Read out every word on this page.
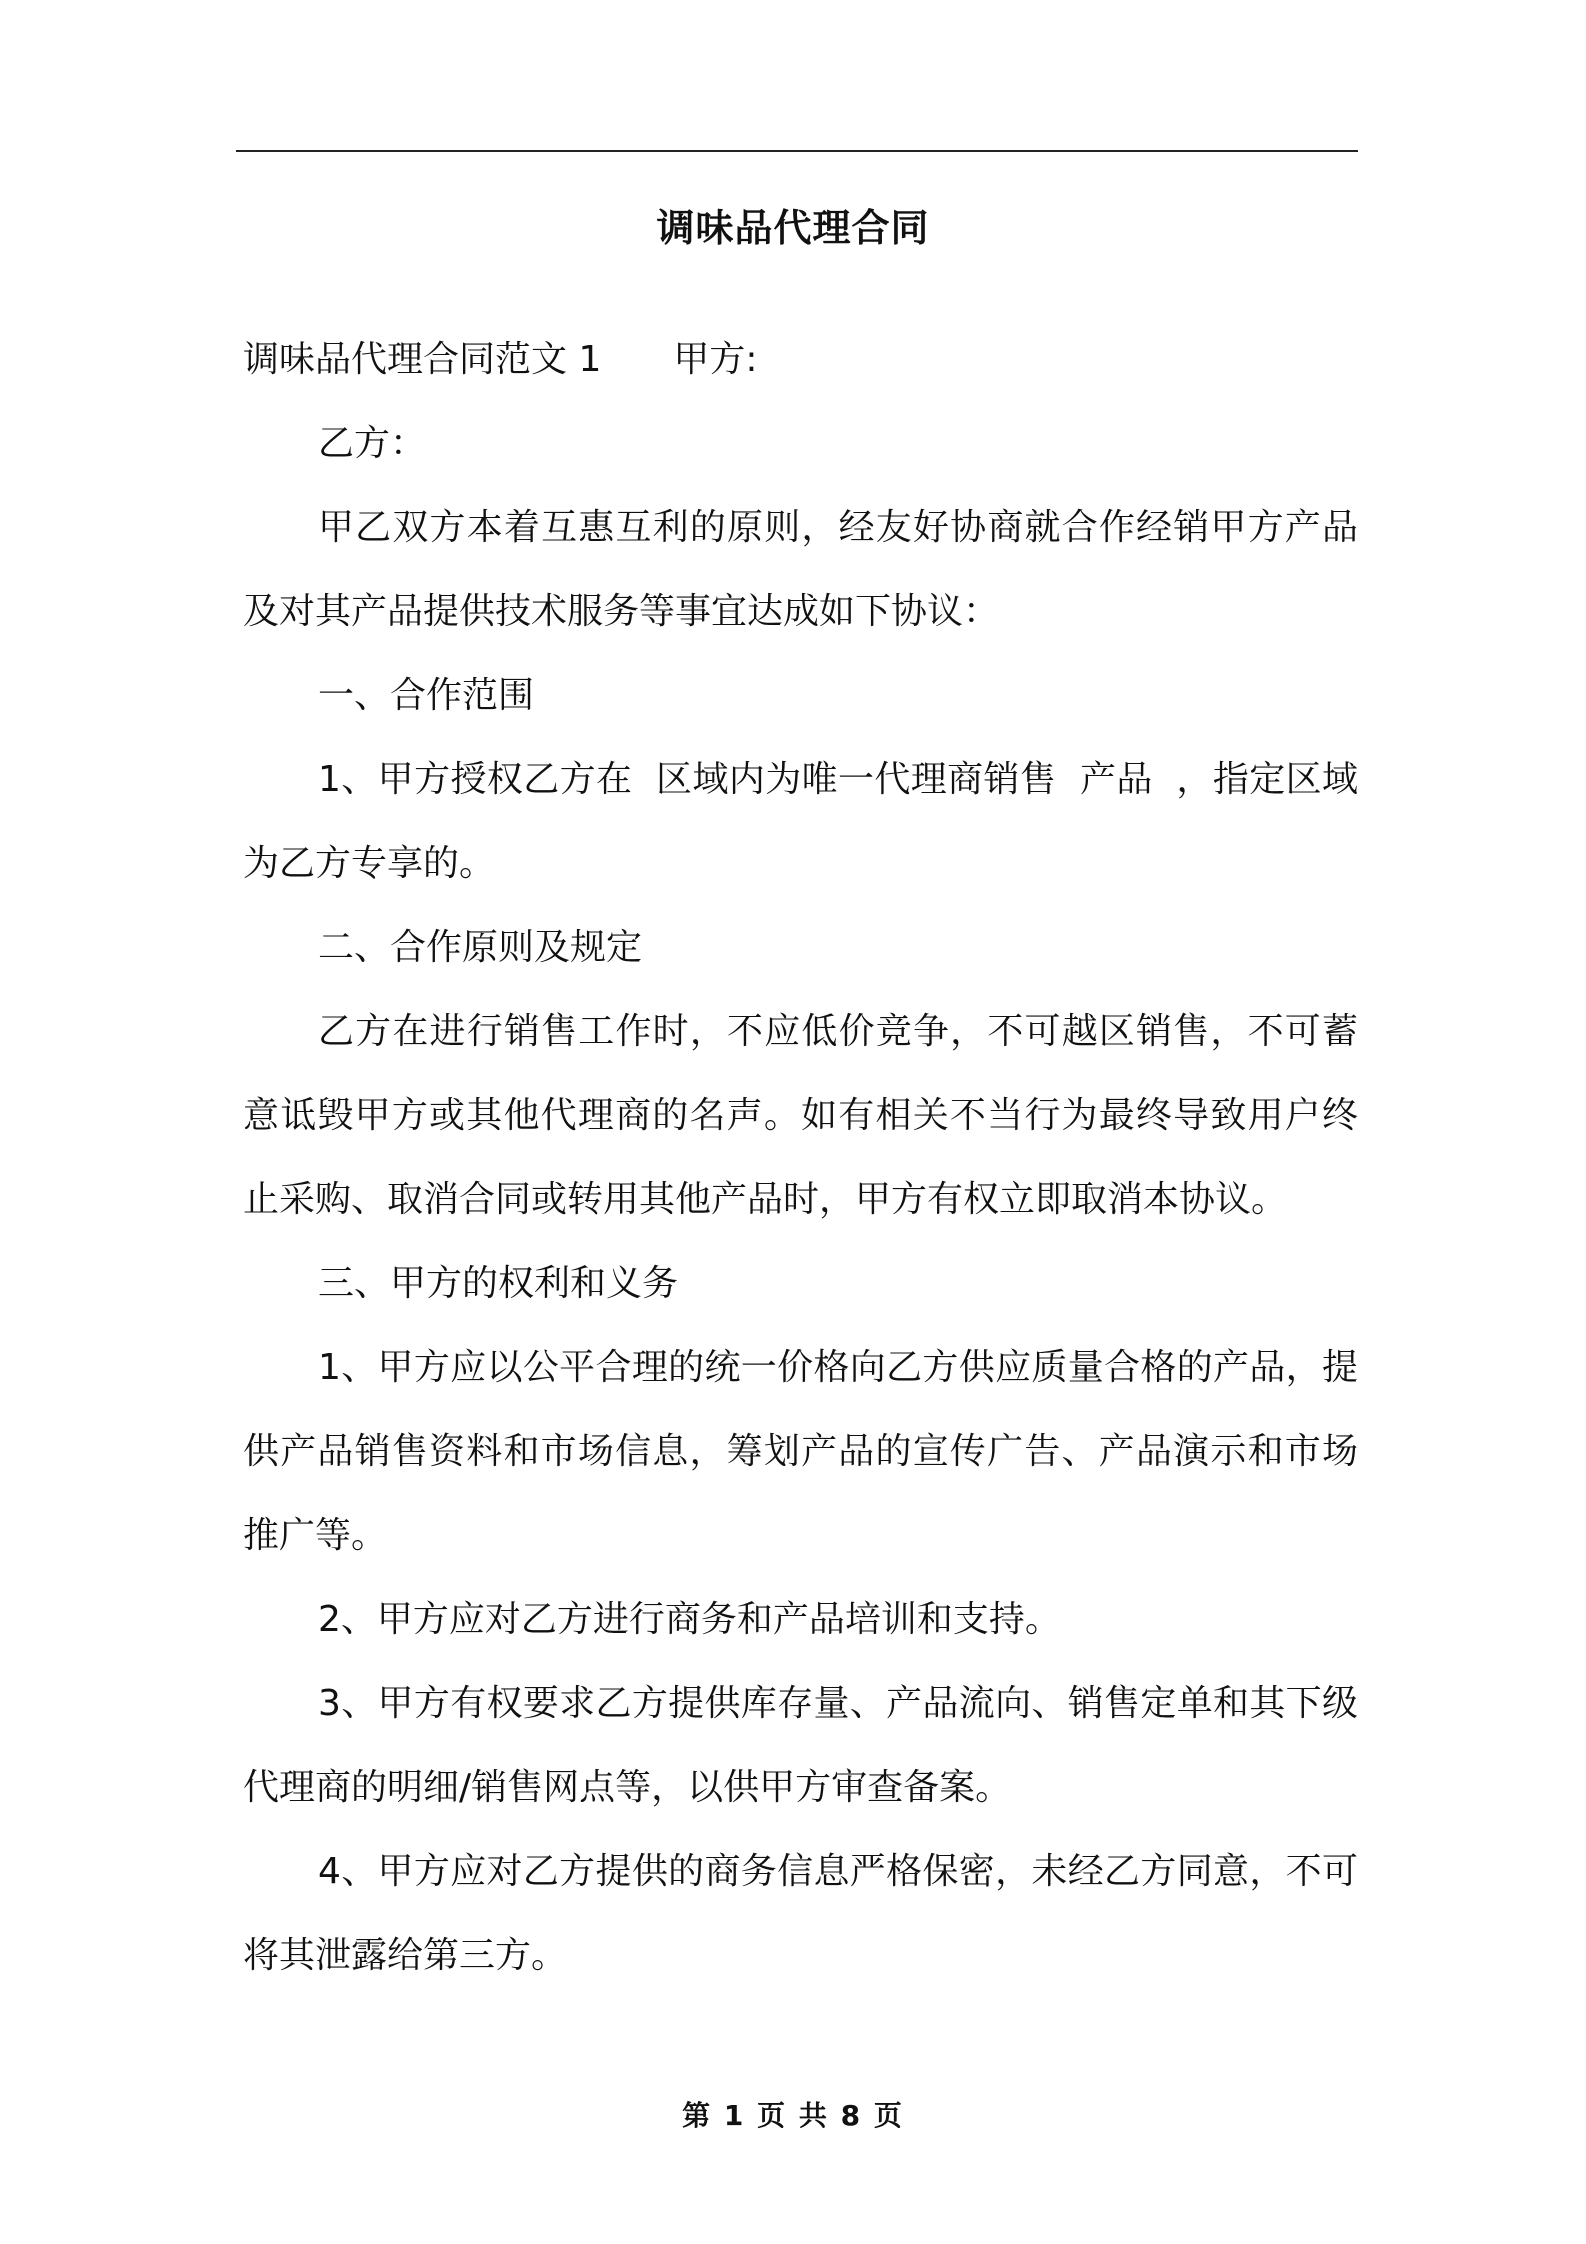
调味品代理合同

调味品代理合同范文 1　　甲方:

乙方：

甲乙双方本着互惠互利的原则，经友好协商就合作经销甲方产品及对其产品提供技术服务等事宜达成如下协议：

一、合作范围

1、甲方授权乙方在  区域内为唯一代理商销售  产品  ，指定区域为乙方专享的。

二、合作原则及规定

乙方在进行销售工作时，不应低价竞争，不可越区销售，不可蓄意诋毁甲方或其他代理商的名声。如有相关不当行为最终导致用户终止采购、取消合同或转用其他产品时，甲方有权立即取消本协议。

三、甲方的权利和义务

1、甲方应以公平合理的统一价格向乙方供应质量合格的产品，提供产品销售资料和市场信息，筹划产品的宣传广告、产品演示和市场推广等。

2、甲方应对乙方进行商务和产品培训和支持。

3、甲方有权要求乙方提供库存量、产品流向、销售定单和其下级代理商的明细/销售网点等，以供甲方审查备案。

4、甲方应对乙方提供的商务信息严格保密，未经乙方同意，不可将其泄露给第三方。

第 1 页 共 8 页
